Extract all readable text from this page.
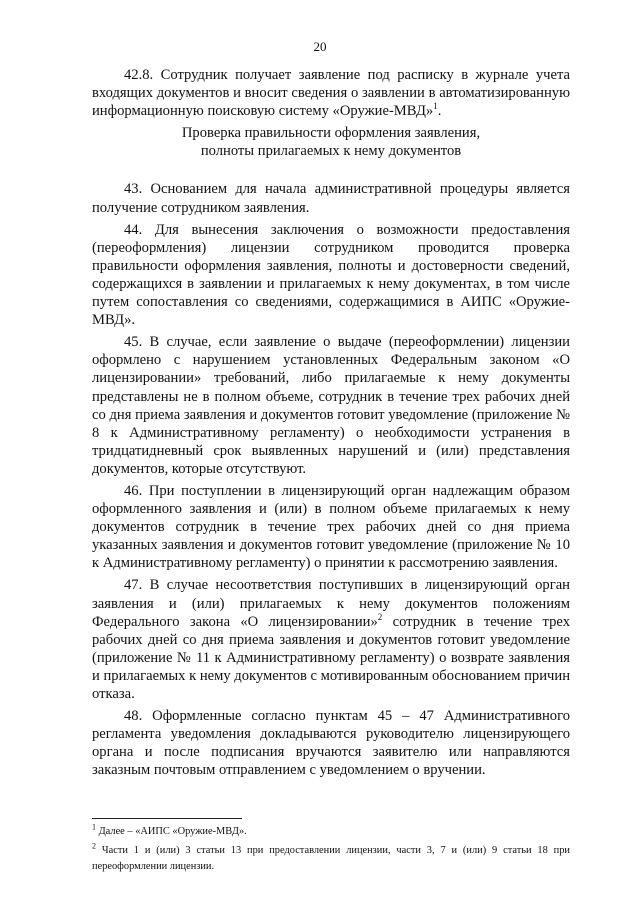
20

42.8. Сотрудник получает заявление под расписку в журнале учета входящих документов и вносит сведения о заявлении в автоматизированную информационную поисковую систему «Оружие-МВД»$^1$.

Проверка правильности оформления заявления,
полноты прилагаемых к нему документов

43. Основанием для начала административной процедуры является получение сотрудником заявления.

44. Для вынесения заключения о возможности предоставления (переоформления) лицензии сотрудником проводится проверка правильности оформления заявления, полноты и достоверности сведений, содержащихся в заявлении и прилагаемых к нему документах, в том числе путем сопоставления со сведениями, содержащимися в АИПС «Оружие-МВД».

45. В случае, если заявление о выдаче (переоформлении) лицензии оформлено с нарушением установленных Федеральным законом «О лицензировании» требований, либо прилагаемые к нему документы представлены не в полном объеме, сотрудник в течение трех рабочих дней со дня приема заявления и документов готовит уведомление (приложение № 8 к Административному регламенту) о необходимости устранения в тридцатидневный срок выявленных нарушений и (или) представления документов, которые отсутствуют.

46. При поступлении в лицензирующий орган надлежащим образом оформленного заявления и (или) в полном объеме прилагаемых к нему документов сотрудник в течение трех рабочих дней со дня приема указанных заявления и документов готовит уведомление (приложение № 10 к Административному регламенту) о принятии к рассмотрению заявления.

47. В случае несоответствия поступивших в лицензирующий орган заявления и (или) прилагаемых к нему документов положениям Федерального закона «О лицензировании»$^2$ сотрудник в течение трех рабочих дней со дня приема заявления и документов готовит уведомление (приложение № 11 к Административному регламенту) о возврате заявления и прилагаемых к нему документов с мотивированным обоснованием причин отказа.

48. Оформленные согласно пунктам 45 – 47 Административного регламента уведомления докладываются руководителю лицензирующего органа и после подписания вручаются заявителю или направляются заказным почтовым отправлением с уведомлением о вручении.

$^1$ Далее – «АИПС «Оружие-МВД».

$^2$ Части 1 и (или) 3 статьи 13 при предоставлении лицензии, части 3, 7 и (или) 9 статьи 18 при переоформлении лицензии.
